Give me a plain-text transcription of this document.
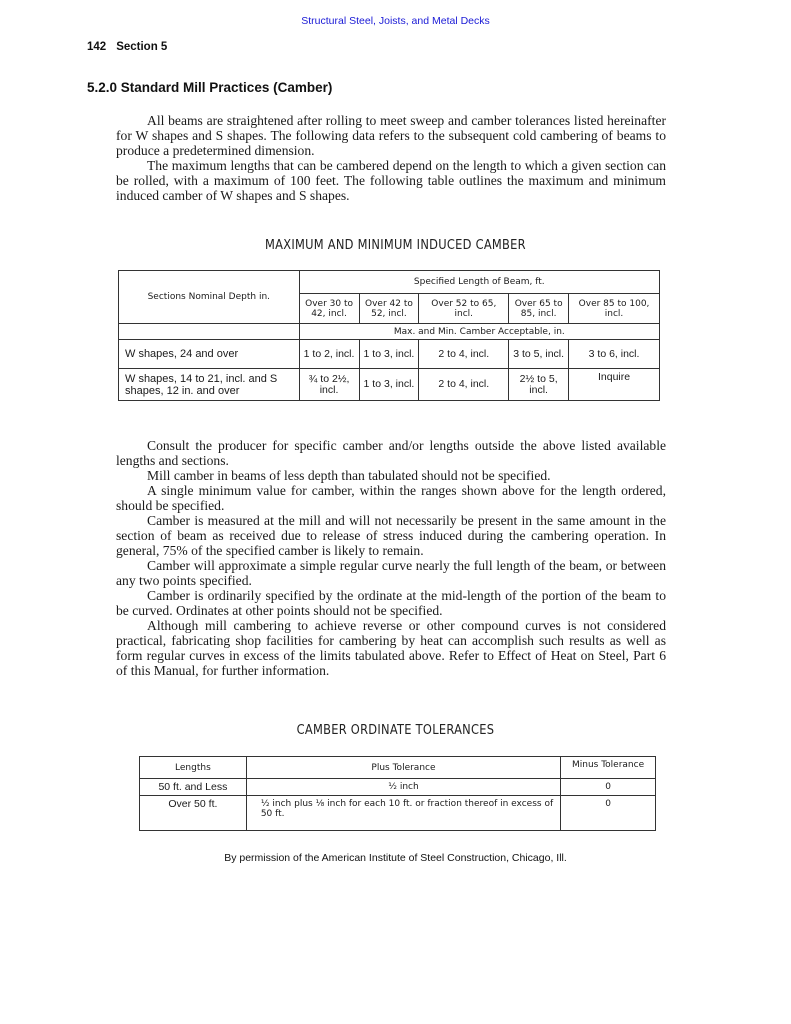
Structural Steel, Joists, and Metal Decks
142 Section 5
5.2.0 Standard Mill Practices (Camber)

All beams are straightened after rolling to meet sweep and camber tolerances listed hereinafter for W shapes and S shapes. The following data refers to the subsequent cold cambering of beams to produce a predetermined dimension.

The maximum lengths that can be cambered depend on the length to which a given section can be rolled, with a maximum of 100 feet. The following table outlines the maximum and minimum induced camber of W shapes and S shapes.

MAXIMUM AND MINIMUM INDUCED CAMBER
Sections Nominal Depth in.	Specified Length of Beam, ft.				
	Over 30 to 42, incl.	Over 42 to 52, incl.	Over 52 to 65, incl.	Over 65 to 85, incl.	Over 85 to 100, incl.
	Max. and Min. Camber Acceptable, in.				
W shapes, 24 and over	1 to 2, incl.	1 to 3, incl.	2 to 4, incl.	3 to 5, incl.	3 to 6, incl.
W shapes, 14 to 21, incl. and S shapes, 12 in. and over	¾ to 2½, incl.	1 to 3, incl.	2 to 4, incl.	2½ to 5, incl.	Inquire

Consult the producer for specific camber and/or lengths outside the above listed available lengths and sections.

Mill camber in beams of less depth than tabulated should not be specified.

A single minimum value for camber, within the ranges shown above for the length ordered, should be specified.

Camber is measured at the mill and will not necessarily be present in the same amount in the section of beam as received due to release of stress induced during the cambering operation. In general, 75% of the specified camber is likely to remain.

Camber will approximate a simple regular curve nearly the full length of the beam, or between any two points specified.

Camber is ordinarily specified by the ordinate at the mid-length of the portion of the beam to be curved. Ordinates at other points should not be specified.

Although mill cambering to achieve reverse or other compound curves is not considered practical, fabricating shop facilities for cambering by heat can accomplish such results as well as form regular curves in excess of the limits tabulated above. Refer to Effect of Heat on Steel, Part 6 of this Manual, for further information.

CAMBER ORDINATE TOLERANCES
Lengths	Plus Tolerance	Minus Tolerance
50 ft. and Less	½ inch	0
Over 50 ft.	½ inch plus ⅛ inch for each 10 ft. or fraction thereof in excess of 50 ft.	0
By permission of the American Institute of Steel Construction, Chicago, Ill.
